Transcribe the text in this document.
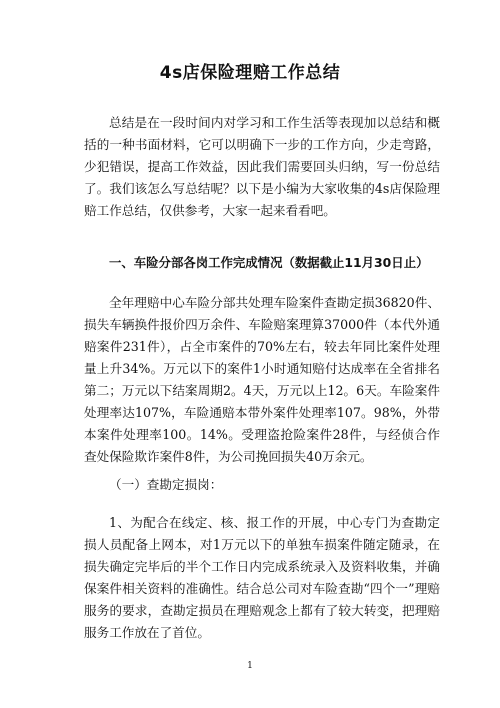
4s店保险理赔工作总结

总结是在一段时间内对学习和工作生活等表现加以总结和概括的一种书面材料，它可以明确下一步的工作方向，少走弯路，少犯错误，提高工作效益，因此我们需要回头归纳，写一份总结了。我们该怎么写总结呢？以下是小编为大家收集的4s店保险理赔工作总结，仅供参考，大家一起来看看吧。

一、车险分部各岗工作完成情况（数据截止11月30日止）

全年理赔中心车险分部共处理车险案件查勘定损36820件、损失车辆换件报价四万余件、车险赔案理算37000件（本代外通赔案件231件），占全市案件的70%左右，较去年同比案件处理量上升34%。万元以下的案件1小时通知赔付达成率在全省排名第二；万元以下结案周期2。4天，万元以上12。6天。车险案件处理率达107%，车险通赔本带外案件处理率107。98%，外带本案件处理率100。14%。受理盗抢险案件28件，与经侦合作查处保险欺诈案件8件，为公司挽回损失40万余元。

（一）查勘定损岗：

1、为配合在线定、核、报工作的开展，中心专门为查勘定损人员配备上网本，对1万元以下的单独车损案件随定随录，在损失确定完毕后的半个工作日内完成系统录入及资料收集，并确保案件相关资料的准确性。结合总公司对车险查勘“四个一”理赔服务的要求，查勘定损员在理赔观念上都有了较大转变，把理赔服务工作放在了首位。

1
